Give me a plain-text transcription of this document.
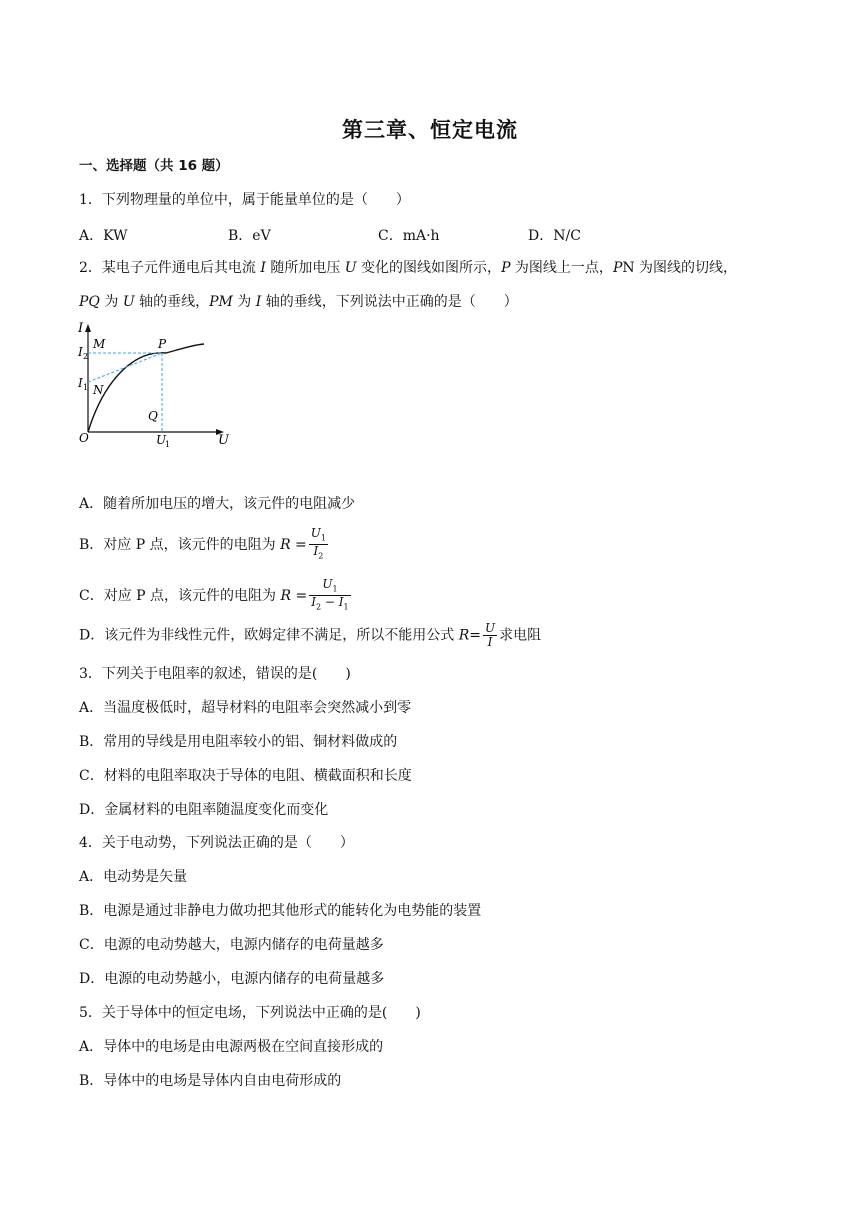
第三章、恒定电流
一、选择题（共 16 题）
1．下列物理量的单位中，属于能量单位的是（　　）
A．KW	B．eV	C．mA·h	D．N/C
2．某电子元件通电后其电流 I 随所加电压 U 变化的图线如图所示，P 为图线上一点，PN 为图线的切线，
PQ 为 U 轴的垂线，PM 为 I 轴的垂线，下列说法中正确的是（　　）
I
U
O
M	P
N
Q
I 2
I 1
U
1
A．随着所加电压的增大，该元件的电阻减少
B．对应 P 点，该元件的电阻为 $R = \frac{U_1}{I_2}$
C．对应 P 点，该元件的电阻为 $R = \frac{U_1}{I_2 - I_1}$
D．该元件为非线性元件，欧姆定律不满足，所以不能用公式 $R= \frac{U}{I}$ 求电阻
3．下列关于电阻率的叙述，错误的是(　　)
A．当温度极低时，超导材料的电阻率会突然减小到零
B．常用的导线是用电阻率较小的铝、铜材料做成的
C．材料的电阻率取决于导体的电阻、横截面积和长度
D．金属材料的电阻率随温度变化而变化
4．关于电动势，下列说法正确的是（　　）
A．电动势是矢量
B．电源是通过非静电力做功把其他形式的能转化为电势能的装置
C．电源的电动势越大，电源内储存的电荷量越多
D．电源的电动势越小，电源内储存的电荷量越多
5．关于导体中的恒定电场，下列说法中正确的是(　　)
A．导体中的电场是由电源两极在空间直接形成的
B．导体中的电场是导体内自由电荷形成的
